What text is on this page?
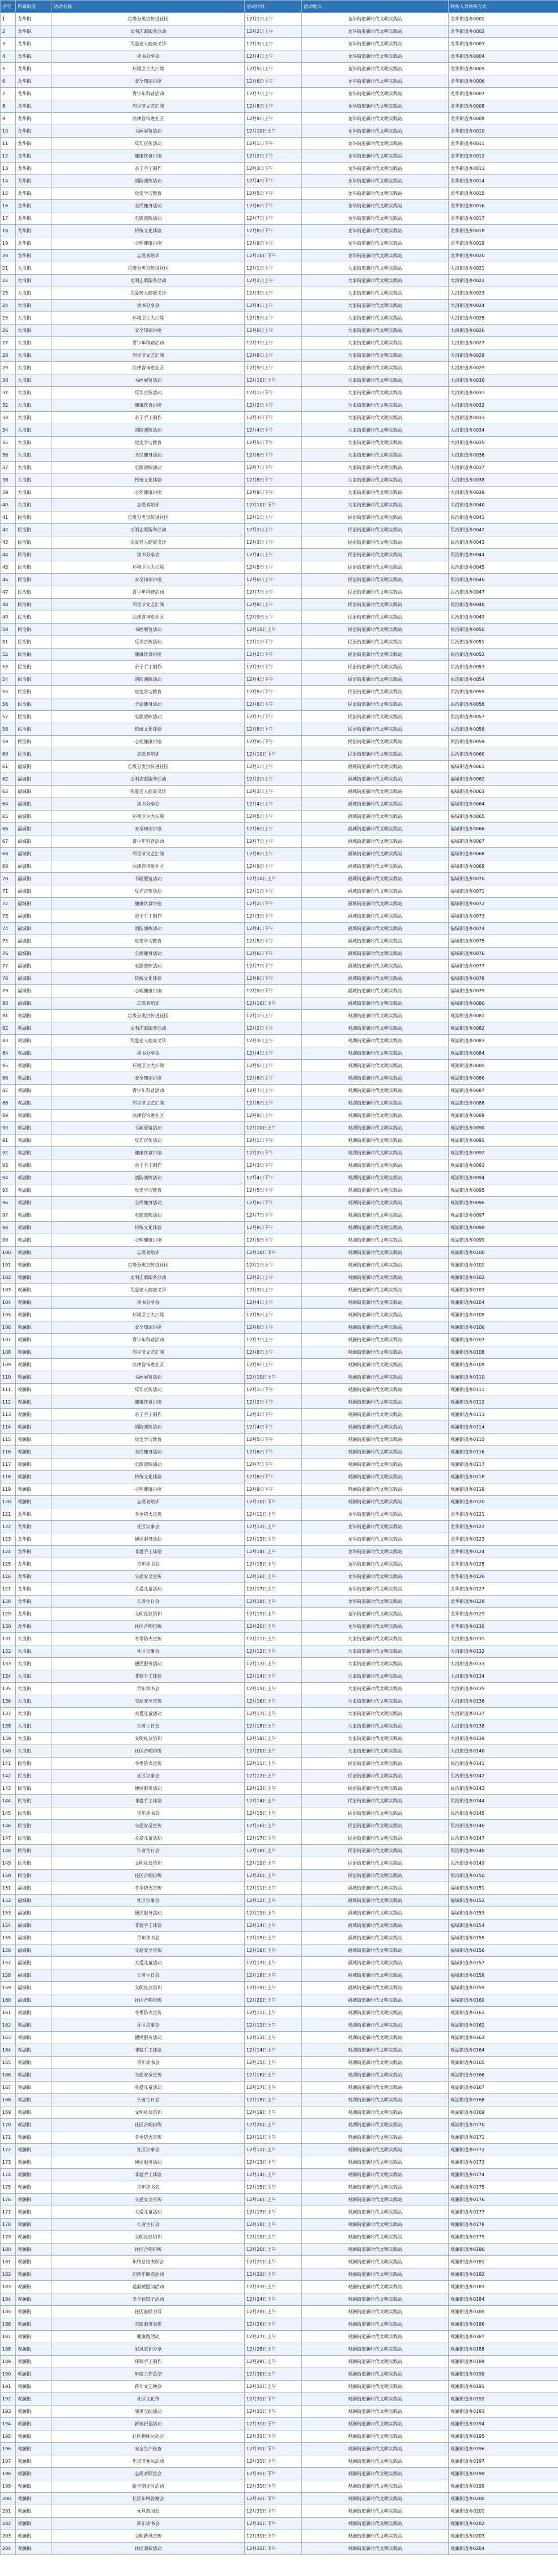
序号	所属街道	活动名称	活动时间	活动地点	联系人及联系方式
1	龙华街	垃圾分类宣传进社区	12月1日上午	龙华街道新时代文明实践站	龙华街道办0001
2	龙华街	文明志愿服务活动	12月2日上午	龙华街道新时代文明实践站	龙华街道办0002
3	龙华街	关爱老人健康义诊	12月3日上午	龙华街道新时代文明实践站	龙华街道办0003
4	龙华街	读书分享会	12月4日上午	龙华街道新时代文明实践站	龙华街道办0004
5	龙华街	环境卫生大扫除	12月5日上午	龙华街道新时代文明实践站	龙华街道办0005
6	龙华街	安全知识讲座	12月6日上午	龙华街道新时代文明实践站	龙华街道办0006
7	龙华街	青少年科普活动	12月7日上午	龙华街道新时代文明实践站	龙华街道办0007
8	龙华街	邻里节文艺汇演	12月8日上午	龙华街道新时代文明实践站	龙华街道办0008
9	龙华街	法律咨询进社区	12月9日上午	龙华街道新时代文明实践站	龙华街道办0009
10	龙华街	书画展览活动	12月10日上午	龙华街道新时代文明实践站	龙华街道办0010
11	龙华街	反诈宣传活动	12月1日下午	龙华街道新时代文明实践站	龙华街道办0011
12	龙华街	健康饮食讲座	12月2日下午	龙华街道新时代文明实践站	龙华街道办0012
13	龙华街	亲子手工制作	12月3日下午	龙华街道新时代文明实践站	龙华街道办0013
14	龙华街	消防演练活动	12月4日下午	龙华街道新时代文明实践站	龙华街道办0014
15	龙华街	党史学习教育	12月5日下午	龙华街道新时代文明实践站	龙华街道办0015
16	龙华街	全民健身活动	12月6日下午	龙华街道新时代文明实践站	龙华街道办0016
17	龙华街	电影放映活动	12月7日下午	龙华街道新时代文明实践站	龙华街道办0017
18	龙华街	传统文化体验	12月8日下午	龙华街道新时代文明实践站	龙华街道办0018
19	龙华街	心理健康讲座	12月9日下午	龙华街道新时代文明实践站	龙华街道办0019
20	龙华街	志愿者培训	12月10日下午	龙华街道新时代文明实践站	龙华街道办0020
21	大浪街	垃圾分类宣传进社区	12月1日上午	大浪街道新时代文明实践站	大浪街道办0021
22	大浪街	文明志愿服务活动	12月2日上午	大浪街道新时代文明实践站	大浪街道办0022
23	大浪街	关爱老人健康义诊	12月3日上午	大浪街道新时代文明实践站	大浪街道办0023
24	大浪街	读书分享会	12月4日上午	大浪街道新时代文明实践站	大浪街道办0024
25	大浪街	环境卫生大扫除	12月5日上午	大浪街道新时代文明实践站	大浪街道办0025
26	大浪街	安全知识讲座	12月6日上午	大浪街道新时代文明实践站	大浪街道办0026
27	大浪街	青少年科普活动	12月7日上午	大浪街道新时代文明实践站	大浪街道办0027
28	大浪街	邻里节文艺汇演	12月8日上午	大浪街道新时代文明实践站	大浪街道办0028
29	大浪街	法律咨询进社区	12月9日上午	大浪街道新时代文明实践站	大浪街道办0029
30	大浪街	书画展览活动	12月10日上午	大浪街道新时代文明实践站	大浪街道办0030
31	大浪街	反诈宣传活动	12月1日下午	大浪街道新时代文明实践站	大浪街道办0031
32	大浪街	健康饮食讲座	12月2日下午	大浪街道新时代文明实践站	大浪街道办0032
33	大浪街	亲子手工制作	12月3日下午	大浪街道新时代文明实践站	大浪街道办0033
34	大浪街	消防演练活动	12月4日下午	大浪街道新时代文明实践站	大浪街道办0034
35	大浪街	党史学习教育	12月5日下午	大浪街道新时代文明实践站	大浪街道办0035
36	大浪街	全民健身活动	12月6日下午	大浪街道新时代文明实践站	大浪街道办0036
37	大浪街	电影放映活动	12月7日下午	大浪街道新时代文明实践站	大浪街道办0037
38	大浪街	传统文化体验	12月8日下午	大浪街道新时代文明实践站	大浪街道办0038
39	大浪街	心理健康讲座	12月9日下午	大浪街道新时代文明实践站	大浪街道办0039
40	大浪街	志愿者培训	12月10日下午	大浪街道新时代文明实践站	大浪街道办0040
41	民治街	垃圾分类宣传进社区	12月1日上午	民治街道新时代文明实践站	民治街道办0041
42	民治街	文明志愿服务活动	12月2日上午	民治街道新时代文明实践站	民治街道办0042
43	民治街	关爱老人健康义诊	12月3日上午	民治街道新时代文明实践站	民治街道办0043
44	民治街	读书分享会	12月4日上午	民治街道新时代文明实践站	民治街道办0044
45	民治街	环境卫生大扫除	12月5日上午	民治街道新时代文明实践站	民治街道办0045
46	民治街	安全知识讲座	12月6日上午	民治街道新时代文明实践站	民治街道办0046
47	民治街	青少年科普活动	12月7日上午	民治街道新时代文明实践站	民治街道办0047
48	民治街	邻里节文艺汇演	12月8日上午	民治街道新时代文明实践站	民治街道办0048
49	民治街	法律咨询进社区	12月9日上午	民治街道新时代文明实践站	民治街道办0049
50	民治街	书画展览活动	12月10日上午	民治街道新时代文明实践站	民治街道办0050
51	民治街	反诈宣传活动	12月1日下午	民治街道新时代文明实践站	民治街道办0051
52	民治街	健康饮食讲座	12月2日下午	民治街道新时代文明实践站	民治街道办0052
53	民治街	亲子手工制作	12月3日下午	民治街道新时代文明实践站	民治街道办0053
54	民治街	消防演练活动	12月4日下午	民治街道新时代文明实践站	民治街道办0054
55	民治街	党史学习教育	12月5日下午	民治街道新时代文明实践站	民治街道办0055
56	民治街	全民健身活动	12月6日下午	民治街道新时代文明实践站	民治街道办0056
57	民治街	电影放映活动	12月7日下午	民治街道新时代文明实践站	民治街道办0057
58	民治街	传统文化体验	12月8日下午	民治街道新时代文明实践站	民治街道办0058
59	民治街	心理健康讲座	12月9日下午	民治街道新时代文明实践站	民治街道办0059
60	民治街	志愿者培训	12月10日下午	民治街道新时代文明实践站	民治街道办0060
61	福城街	垃圾分类宣传进社区	12月1日上午	福城街道新时代文明实践站	福城街道办0061
62	福城街	文明志愿服务活动	12月2日上午	福城街道新时代文明实践站	福城街道办0062
63	福城街	关爱老人健康义诊	12月3日上午	福城街道新时代文明实践站	福城街道办0063
64	福城街	读书分享会	12月4日上午	福城街道新时代文明实践站	福城街道办0064
65	福城街	环境卫生大扫除	12月5日上午	福城街道新时代文明实践站	福城街道办0065
66	福城街	安全知识讲座	12月6日上午	福城街道新时代文明实践站	福城街道办0066
67	福城街	青少年科普活动	12月7日上午	福城街道新时代文明实践站	福城街道办0067
68	福城街	邻里节文艺汇演	12月8日上午	福城街道新时代文明实践站	福城街道办0068
69	福城街	法律咨询进社区	12月9日上午	福城街道新时代文明实践站	福城街道办0069
70	福城街	书画展览活动	12月10日上午	福城街道新时代文明实践站	福城街道办0070
71	福城街	反诈宣传活动	12月1日下午	福城街道新时代文明实践站	福城街道办0071
72	福城街	健康饮食讲座	12月2日下午	福城街道新时代文明实践站	福城街道办0072
73	福城街	亲子手工制作	12月3日下午	福城街道新时代文明实践站	福城街道办0073
74	福城街	消防演练活动	12月4日下午	福城街道新时代文明实践站	福城街道办0074
75	福城街	党史学习教育	12月5日下午	福城街道新时代文明实践站	福城街道办0075
76	福城街	全民健身活动	12月6日下午	福城街道新时代文明实践站	福城街道办0076
77	福城街	电影放映活动	12月7日下午	福城街道新时代文明实践站	福城街道办0077
78	福城街	传统文化体验	12月8日下午	福城街道新时代文明实践站	福城街道办0078
79	福城街	心理健康讲座	12月9日下午	福城街道新时代文明实践站	福城街道办0079
80	福城街	志愿者培训	12月10日下午	福城街道新时代文明实践站	福城街道办0080
81	观湖街	垃圾分类宣传进社区	12月1日上午	观湖街道新时代文明实践站	观湖街道办0081
82	观湖街	文明志愿服务活动	12月2日上午	观湖街道新时代文明实践站	观湖街道办0082
83	观湖街	关爱老人健康义诊	12月3日上午	观湖街道新时代文明实践站	观湖街道办0083
84	观湖街	读书分享会	12月4日上午	观湖街道新时代文明实践站	观湖街道办0084
85	观湖街	环境卫生大扫除	12月5日上午	观湖街道新时代文明实践站	观湖街道办0085
86	观湖街	安全知识讲座	12月6日上午	观湖街道新时代文明实践站	观湖街道办0086
87	观湖街	青少年科普活动	12月7日上午	观湖街道新时代文明实践站	观湖街道办0087
88	观湖街	邻里节文艺汇演	12月8日上午	观湖街道新时代文明实践站	观湖街道办0088
89	观湖街	法律咨询进社区	12月9日上午	观湖街道新时代文明实践站	观湖街道办0089
90	观湖街	书画展览活动	12月10日上午	观湖街道新时代文明实践站	观湖街道办0090
91	观湖街	反诈宣传活动	12月1日下午	观湖街道新时代文明实践站	观湖街道办0091
92	观湖街	健康饮食讲座	12月2日下午	观湖街道新时代文明实践站	观湖街道办0092
93	观湖街	亲子手工制作	12月3日下午	观湖街道新时代文明实践站	观湖街道办0093
94	观湖街	消防演练活动	12月4日下午	观湖街道新时代文明实践站	观湖街道办0094
95	观湖街	党史学习教育	12月5日下午	观湖街道新时代文明实践站	观湖街道办0095
96	观湖街	全民健身活动	12月6日下午	观湖街道新时代文明实践站	观湖街道办0096
97	观湖街	电影放映活动	12月7日下午	观湖街道新时代文明实践站	观湖街道办0097
98	观湖街	传统文化体验	12月8日下午	观湖街道新时代文明实践站	观湖街道办0098
99	观湖街	心理健康讲座	12月9日下午	观湖街道新时代文明实践站	观湖街道办0099
100	观湖街	志愿者培训	12月10日下午	观湖街道新时代文明实践站	观湖街道办0100
101	观澜街	垃圾分类宣传进社区	12月1日上午	观澜街道新时代文明实践站	观澜街道办0101
102	观澜街	文明志愿服务活动	12月2日上午	观澜街道新时代文明实践站	观澜街道办0102
103	观澜街	关爱老人健康义诊	12月3日上午	观澜街道新时代文明实践站	观澜街道办0103
104	观澜街	读书分享会	12月4日上午	观澜街道新时代文明实践站	观澜街道办0104
105	观澜街	环境卫生大扫除	12月5日上午	观澜街道新时代文明实践站	观澜街道办0105
106	观澜街	安全知识讲座	12月6日上午	观澜街道新时代文明实践站	观澜街道办0106
107	观澜街	青少年科普活动	12月7日上午	观澜街道新时代文明实践站	观澜街道办0107
108	观澜街	邻里节文艺汇演	12月8日上午	观澜街道新时代文明实践站	观澜街道办0108
109	观澜街	法律咨询进社区	12月9日上午	观澜街道新时代文明实践站	观澜街道办0109
110	观澜街	书画展览活动	12月10日上午	观澜街道新时代文明实践站	观澜街道办0110
111	观澜街	反诈宣传活动	12月1日下午	观澜街道新时代文明实践站	观澜街道办0111
112	观澜街	健康饮食讲座	12月2日下午	观澜街道新时代文明实践站	观澜街道办0112
113	观澜街	亲子手工制作	12月3日下午	观澜街道新时代文明实践站	观澜街道办0113
114	观澜街	消防演练活动	12月4日下午	观澜街道新时代文明实践站	观澜街道办0114
115	观澜街	党史学习教育	12月5日下午	观澜街道新时代文明实践站	观澜街道办0115
116	观澜街	全民健身活动	12月6日下午	观澜街道新时代文明实践站	观澜街道办0116
117	观澜街	电影放映活动	12月7日下午	观澜街道新时代文明实践站	观澜街道办0117
118	观澜街	传统文化体验	12月8日下午	观澜街道新时代文明实践站	观澜街道办0118
119	观澜街	心理健康讲座	12月9日下午	观澜街道新时代文明实践站	观澜街道办0119
120	观澜街	志愿者培训	12月10日下午	观澜街道新时代文明实践站	观澜街道办0120
121	龙华街	冬季防火宣传	12月11日上午	龙华街道新时代文明实践站	龙华街道办0121
122	龙华街	社区议事会	12月12日上午	龙华街道新时代文明实践站	龙华街道办0122
123	龙华街	便民服务活动	12月13日上午	龙华街道新时代文明实践站	龙华街道办0123
124	龙华街	非遗手工体验	12月14日上午	龙华街道新时代文明实践站	龙华街道办0124
125	龙华街	青年读书会	12月15日上午	龙华街道新时代文明实践站	龙华街道办0125
126	龙华街	交通安全宣传	12月16日上午	龙华街道新时代文明实践站	龙华街道办0126
127	龙华街	关爱儿童活动	12月17日上午	龙华街道新时代文明实践站	龙华街道办0127
128	龙华街	长者生日会	12月18日上午	龙华街道新时代文明实践站	龙华街道办0128
129	龙华街	文明礼仪培训	12月19日上午	龙华街道新时代文明实践站	龙华街道办0129
130	龙华街	社区合唱排练	12月20日上午	龙华街道新时代文明实践站	龙华街道办0130
131	大浪街	冬季防火宣传	12月11日上午	大浪街道新时代文明实践站	大浪街道办0131
132	大浪街	社区议事会	12月12日上午	大浪街道新时代文明实践站	大浪街道办0132
133	大浪街	便民服务活动	12月13日上午	大浪街道新时代文明实践站	大浪街道办0133
134	大浪街	非遗手工体验	12月14日上午	大浪街道新时代文明实践站	大浪街道办0134
135	大浪街	青年读书会	12月15日上午	大浪街道新时代文明实践站	大浪街道办0135
136	大浪街	交通安全宣传	12月16日上午	大浪街道新时代文明实践站	大浪街道办0136
137	大浪街	关爱儿童活动	12月17日上午	大浪街道新时代文明实践站	大浪街道办0137
138	大浪街	长者生日会	12月18日上午	大浪街道新时代文明实践站	大浪街道办0138
139	大浪街	文明礼仪培训	12月19日上午	大浪街道新时代文明实践站	大浪街道办0139
140	大浪街	社区合唱排练	12月20日上午	大浪街道新时代文明实践站	大浪街道办0140
141	民治街	冬季防火宣传	12月11日上午	民治街道新时代文明实践站	民治街道办0141
142	民治街	社区议事会	12月12日上午	民治街道新时代文明实践站	民治街道办0142
143	民治街	便民服务活动	12月13日上午	民治街道新时代文明实践站	民治街道办0143
144	民治街	非遗手工体验	12月14日上午	民治街道新时代文明实践站	民治街道办0144
145	民治街	青年读书会	12月15日上午	民治街道新时代文明实践站	民治街道办0145
146	民治街	交通安全宣传	12月16日上午	民治街道新时代文明实践站	民治街道办0146
147	民治街	关爱儿童活动	12月17日上午	民治街道新时代文明实践站	民治街道办0147
148	民治街	长者生日会	12月18日上午	民治街道新时代文明实践站	民治街道办0148
149	民治街	文明礼仪培训	12月19日上午	民治街道新时代文明实践站	民治街道办0149
150	民治街	社区合唱排练	12月20日上午	民治街道新时代文明实践站	民治街道办0150
151	福城街	冬季防火宣传	12月11日上午	福城街道新时代文明实践站	福城街道办0151
152	福城街	社区议事会	12月12日上午	福城街道新时代文明实践站	福城街道办0152
153	福城街	便民服务活动	12月13日上午	福城街道新时代文明实践站	福城街道办0153
154	福城街	非遗手工体验	12月14日上午	福城街道新时代文明实践站	福城街道办0154
155	福城街	青年读书会	12月15日上午	福城街道新时代文明实践站	福城街道办0155
156	福城街	交通安全宣传	12月16日上午	福城街道新时代文明实践站	福城街道办0156
157	福城街	关爱儿童活动	12月17日上午	福城街道新时代文明实践站	福城街道办0157
158	福城街	长者生日会	12月18日上午	福城街道新时代文明实践站	福城街道办0158
159	福城街	文明礼仪培训	12月19日上午	福城街道新时代文明实践站	福城街道办0159
160	福城街	社区合唱排练	12月20日上午	福城街道新时代文明实践站	福城街道办0160
161	观湖街	冬季防火宣传	12月11日上午	观湖街道新时代文明实践站	观湖街道办0161
162	观湖街	社区议事会	12月12日上午	观湖街道新时代文明实践站	观湖街道办0162
163	观湖街	便民服务活动	12月13日上午	观湖街道新时代文明实践站	观湖街道办0163
164	观湖街	非遗手工体验	12月14日上午	观湖街道新时代文明实践站	观湖街道办0164
165	观湖街	青年读书会	12月15日上午	观湖街道新时代文明实践站	观湖街道办0165
166	观湖街	交通安全宣传	12月16日上午	观湖街道新时代文明实践站	观湖街道办0166
167	观湖街	关爱儿童活动	12月17日上午	观湖街道新时代文明实践站	观湖街道办0167
168	观湖街	长者生日会	12月18日上午	观湖街道新时代文明实践站	观湖街道办0168
169	观湖街	文明礼仪培训	12月19日上午	观湖街道新时代文明实践站	观湖街道办0169
170	观湖街	社区合唱排练	12月20日上午	观湖街道新时代文明实践站	观湖街道办0170
171	观澜街	冬季防火宣传	12月11日上午	观澜街道新时代文明实践站	观澜街道办0171
172	观澜街	社区议事会	12月12日上午	观澜街道新时代文明实践站	观澜街道办0172
173	观澜街	便民服务活动	12月13日上午	观澜街道新时代文明实践站	观澜街道办0173
174	观澜街	非遗手工体验	12月14日上午	观澜街道新时代文明实践站	观澜街道办0174
175	观澜街	青年读书会	12月15日上午	观澜街道新时代文明实践站	观澜街道办0175
176	观澜街	交通安全宣传	12月16日上午	观澜街道新时代文明实践站	观澜街道办0176
177	观澜街	关爱儿童活动	12月17日上午	观澜街道新时代文明实践站	观澜街道办0177
178	观澜街	长者生日会	12月18日上午	观澜街道新时代文明实践站	观澜街道办0178
179	观澜街	文明礼仪培训	12月19日上午	观澜街道新时代文明实践站	观澜街道办0179
180	观澜街	社区合唱排练	12月20日上午	观澜街道新时代文明实践站	观澜街道办0180
181	观澜街	年终总结表彰会	12月21日上午	观澜街道新时代文明实践站	观澜街道办0181
182	观澜街	迎新年联欢活动	12月22日上午	观澜街道新时代文明实践站	观澜街道办0182
183	观澜街	送温暖慰问活动	12月23日上午	观澜街道新时代文明实践站	观澜街道办0183
184	观澜街	冬至包饺子活动	12月24日上午	观澜街道新时代文明实践站	观澜街道办0184
185	观澜街	社区春联书写	12月25日上午	观澜街道新时代文明实践站	观澜街道办0185
186	观澜街	志愿服务表彰	12月26日上午	观澜街道新时代文明实践站	观澜街道办0186
187	观澜街	健康跑活动	12月27日上午	观澜街道新时代文明实践站	观澜街道办0187
188	观澜街	家风家训分享	12月28日上午	观澜街道新时代文明实践站	观澜街道办0188
189	观澜街	环保手工制作	12月29日上午	观澜街道新时代文明实践站	观澜街道办0189
190	观澜街	年度工作总结	12月30日上午	观澜街道新时代文明实践站	观澜街道办0190
191	观澜街	跨年文艺晚会	12月31日上午	观澜街道新时代文明实践站	观澜街道办0191
192	观澜街	社区文化节	12月31日下午	观澜街道新时代文明实践站	观澜街道办0192
193	观澜街	邻里互助活动	12月31日下午	观澜街道新时代文明实践站	观澜街道办0193
194	观澜街	新春祝福活动	12月31日下午	观澜街道新时代文明实践站	观澜街道办0194
195	观澜街	社区趣味运动会	12月31日下午	观澜街道新时代文明实践站	观澜街道办0195
196	观澜街	安全生产检查	12月31日下午	观澜街道新时代文明实践站	观澜街道办0196
197	观澜街	年货节便民活动	12月31日下午	观澜街道新时代文明实践站	观澜街道办0197
198	观澜街	志愿者联谊会	12月31日下午	观澜街道新时代文明实践站	观澜街道办0198
199	观澜街	新年倒计时活动	12月31日下午	观澜街道新时代文明实践站	观澜街道办0199
200	观澜街	社区年终答谢会	12月31日下午	观澜街道新时代文明实践站	观澜街道办0200
201	观澜街	元旦游园会	12月31日下午	观澜街道新时代文明实践站	观澜街道办0201
202	观澜街	新年读书会	12月31日下午	观澜街道新时代文明实践站	观澜街道办0202
203	观澜街	文明新风宣传	12月31日下午	观澜街道新时代文明实践站	观澜街道办0203
204	观澜街	社区迎新活动	12月31日下午	观澜街道新时代文明实践站	观澜街道办0204
